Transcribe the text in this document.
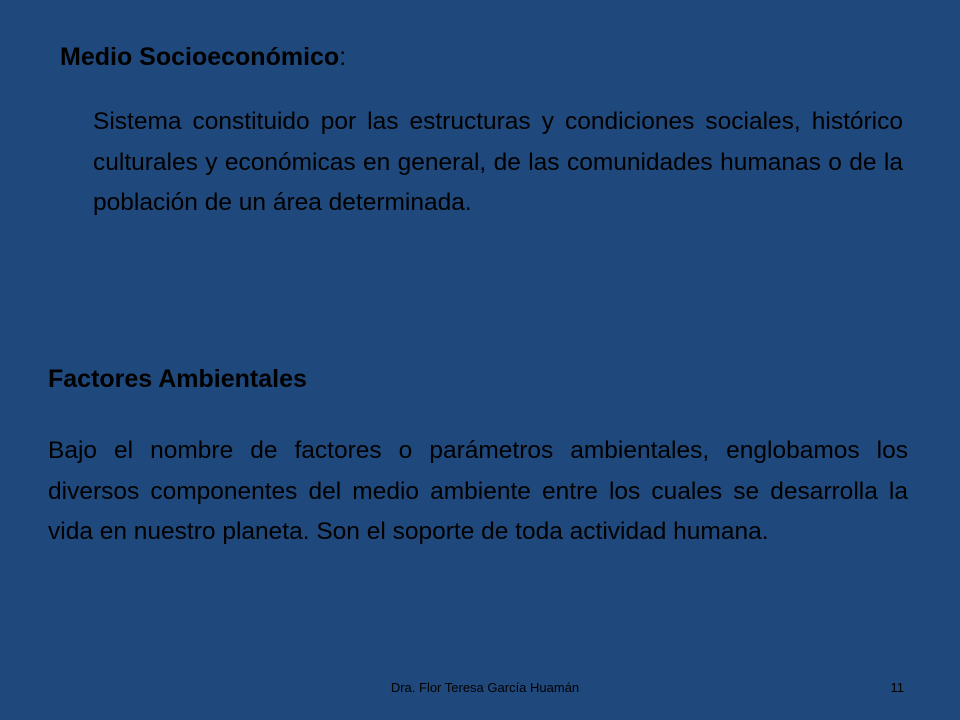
Medio Socioeconómico:

Sistema constituido por las estructuras y condiciones sociales, histórico culturales y económicas en general, de las comunidades humanas o de la población de un área determinada.

Factores Ambientales

Bajo el nombre de factores o parámetros ambientales, englobamos los diversos componentes del medio ambiente entre los cuales se desarrolla la vida en nuestro planeta. Son el soporte de toda actividad humana.

Dra. Flor Teresa García Huamán	11
